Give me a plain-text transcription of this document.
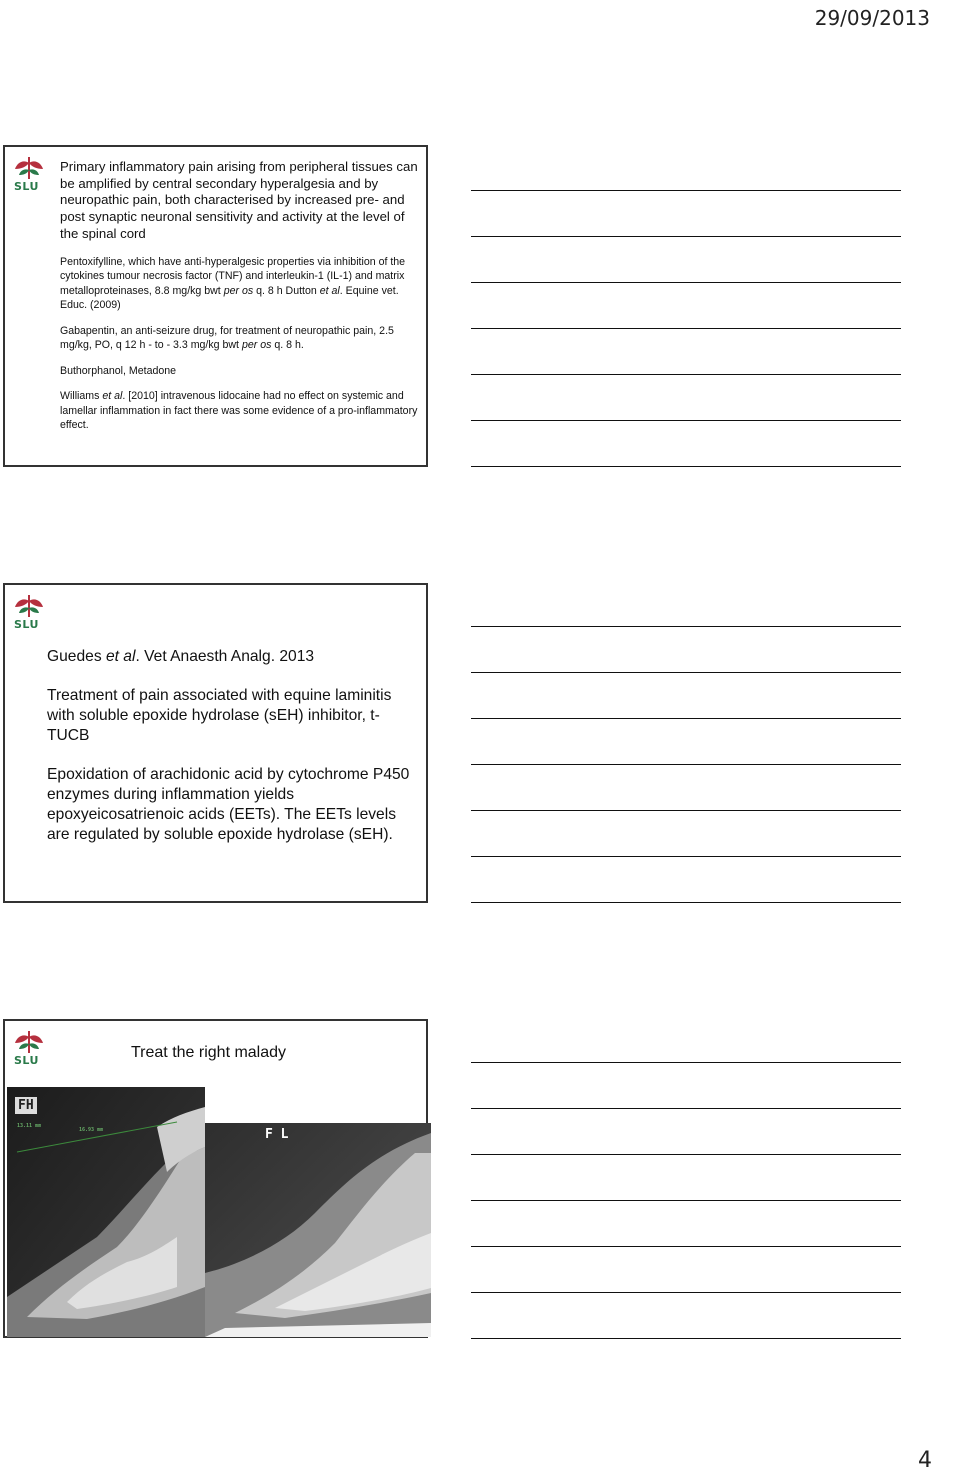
29/09/2013
SLU

Primary inflammatory pain arising from peripheral tissues can be amplified by central secondary hyperalgesia and by neuropathic pain, both characterised by increased pre- and post synaptic neuronal sensitivity and activity at the level of the spinal cord

Pentoxifylline, which have anti-hyperalgesic properties via inhibition of the cytokines tumour necrosis factor (TNF) and interleukin-1 (IL-1) and matrix metalloproteinases, 8.8 mg/kg bwt per os q. 8 h Dutton et al. Equine vet. Educ. (2009)

Gabapentin, an anti-seizure drug, for treatment of neuropathic pain, 2.5 mg/kg, PO, q 12 h - to - 3.3 mg/kg bwt per os q. 8 h.

Buthorphanol, Metadone

Williams et al. [2010] intravenous lidocaine had no effect on systemic and lamellar inflammation in fact there was some evidence of a pro-inflammatory effect.

SLU

Guedes et al. Vet Anaesth Analg. 2013

Treatment of pain associated with equine laminitis with soluble epoxide hydrolase (sEH) inhibitor, t-TUCB

Epoxidation of arachidonic acid by cytochrome P450 enzymes during inflammation yields epoxyeicosatrienoic acids (EETs). The EETs levels are regulated by soluble epoxide hydrolase (sEH).

SLU	Treat the right malady
FH
13.11 mm
16.93 mm	F L
4
